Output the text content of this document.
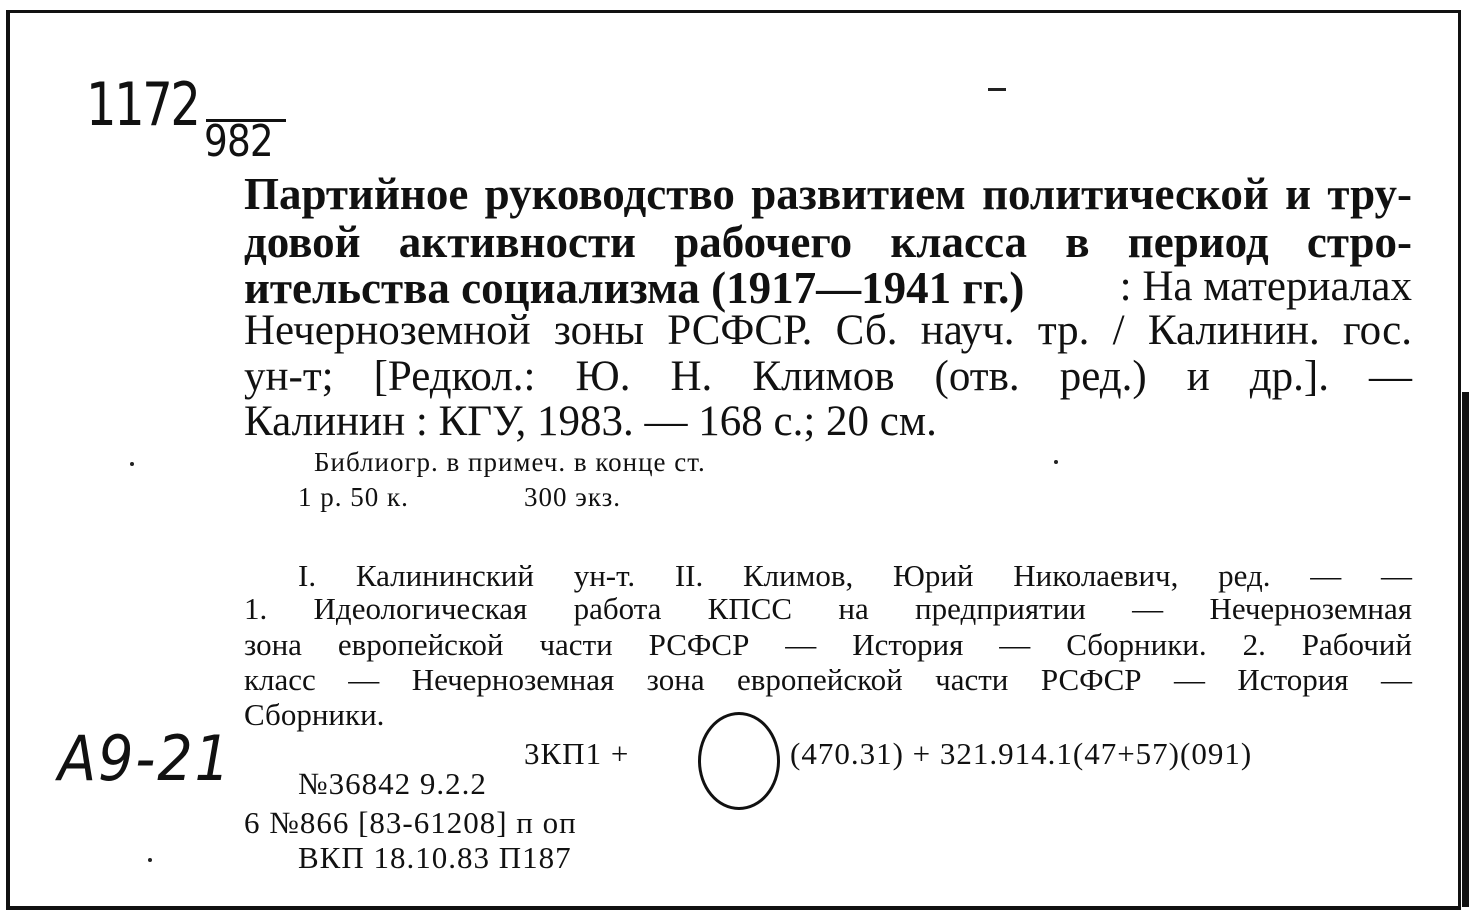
1172
982
Партийное руководство развитием политической и тру-
довой активности рабочего класса в период стро-
ительства социализма (1917—1941 гг.) : На материалах
Нечерноземной зоны РСФСР. Сб. науч. тр. / Калинин. гос.
ун-т; [Редкол.: Ю. Н. Климов (отв. ред.) и др.]. —
Калинин : КГУ, 1983. — 168 с.; 20 см.
Библиогр. в примеч. в конце ст.
1 р. 50 к.	300 экз.
I. Калининский ун-т. II. Климов, Юрий Николаевич, ред. — —
1. Идеологическая работа КПСС на предприятии — Нечерноземная
зона европейской части РСФСР — История — Сборники. 2. Рабочий
класс — Нечерноземная зона европейской части РСФСР — История —
Сборники.
А9-21	3КП1 +	(470.31) + 321.914.1(47+57)(091)
№36842 9.2.2
6 №866 [83-61208] п оп
ВКП 18.10.83 П187
